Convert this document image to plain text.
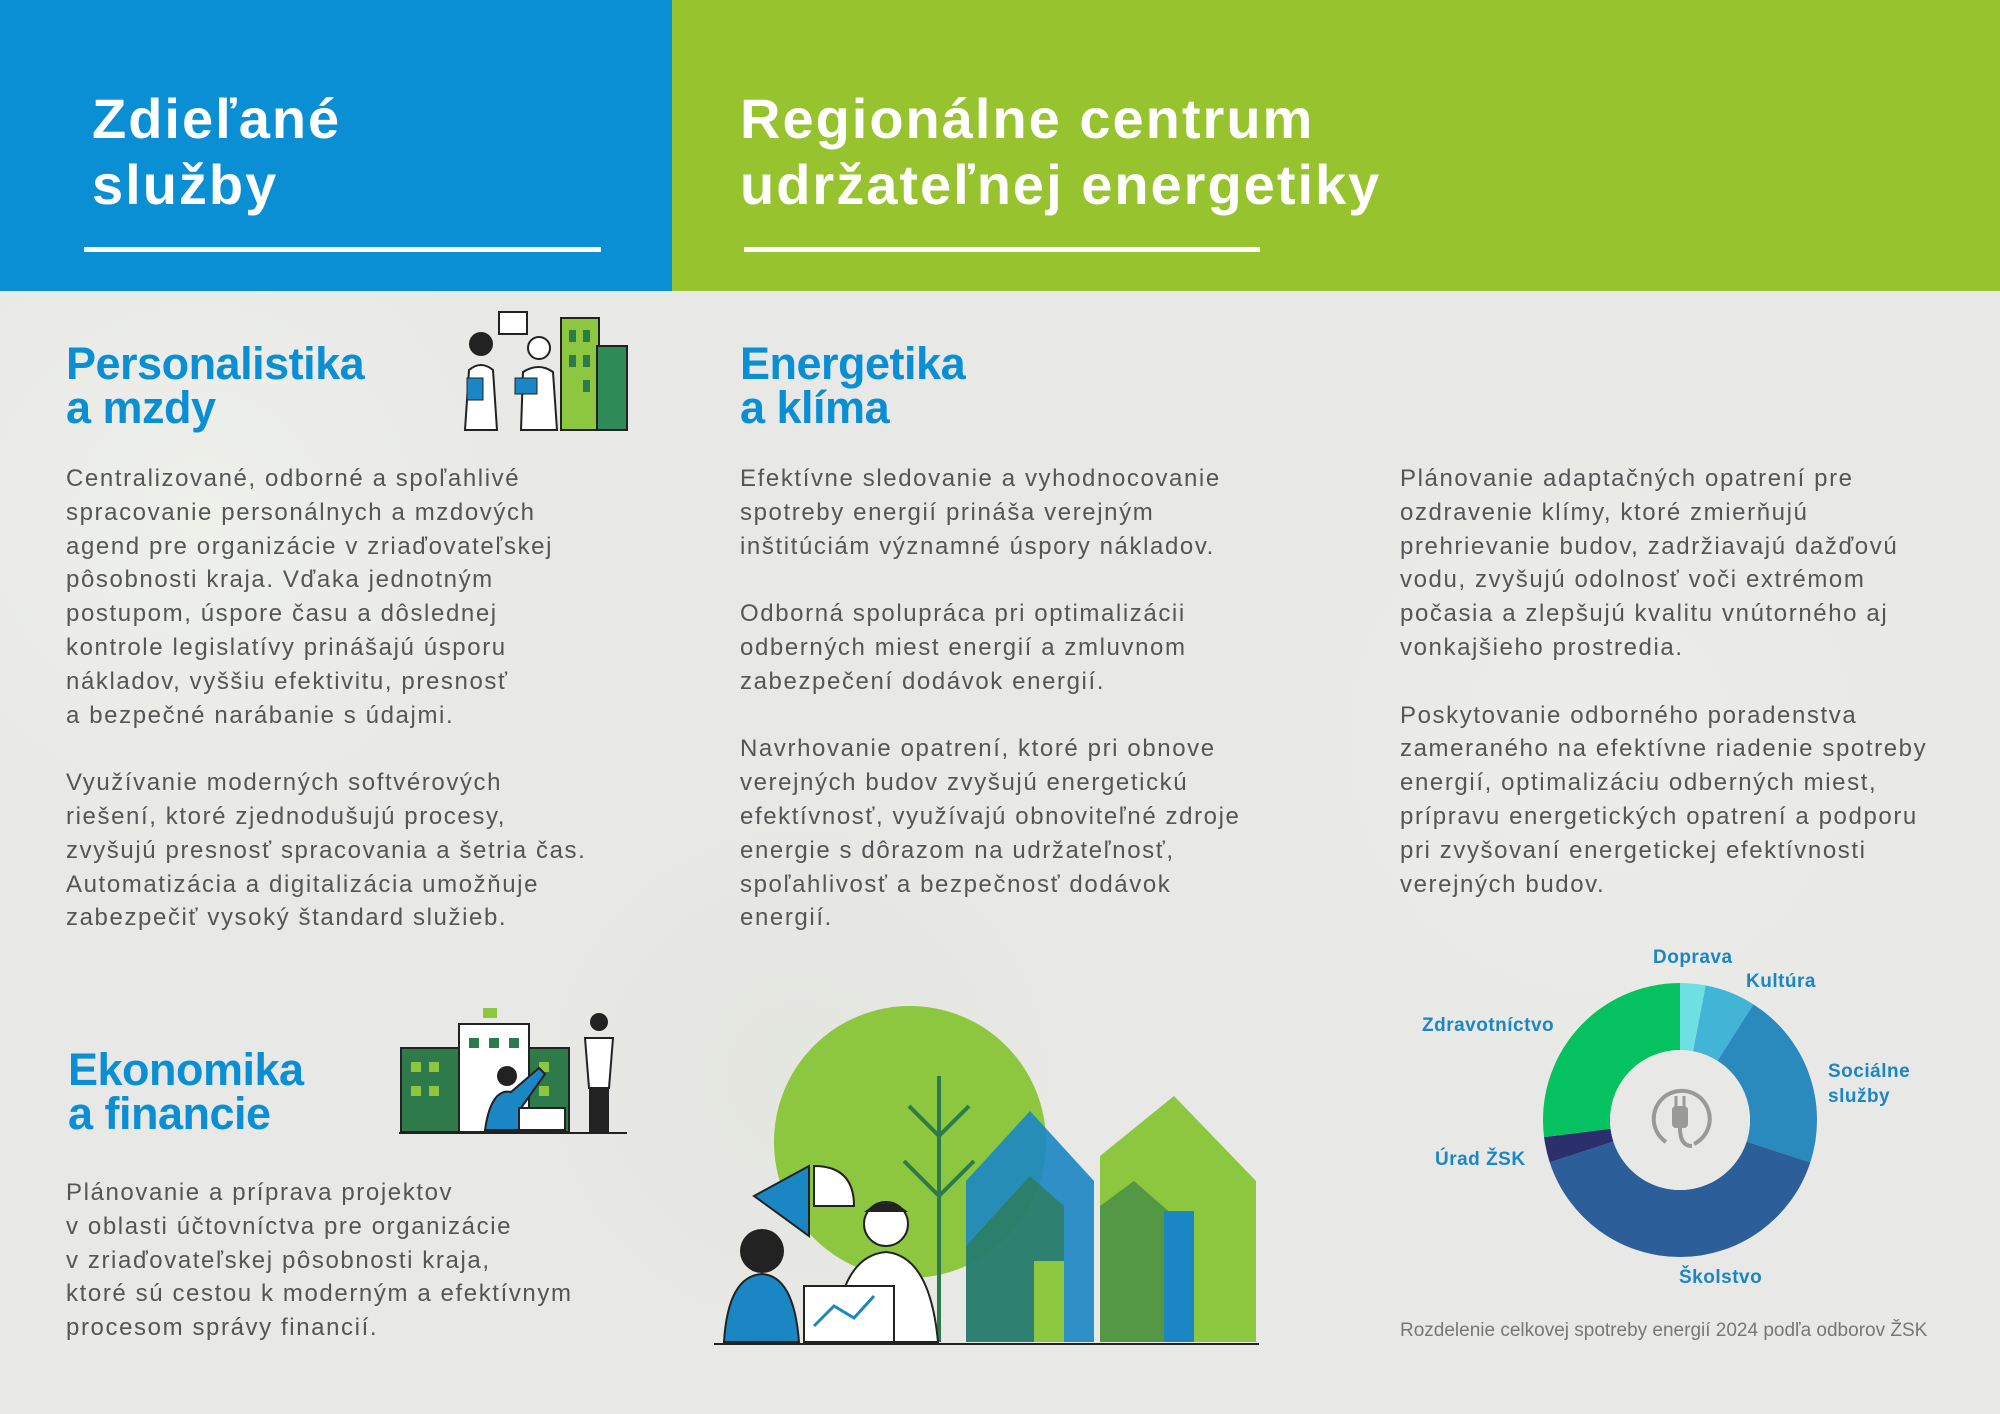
Zdieľané
služby
Regionálne centrum
udržateľnej energetiky
Personalistika
a mzdy
Centralizované, odborné a spoľahlivé
spracovanie personálnych a mzdových
agend pre organizácie v zriaďovateľskej
pôsobnosti kraja. Vďaka jednotným
postupom, úspore času a dôslednej
kontrole legislatívy prinášajú úsporu
nákladov, vyššiu efektivitu, presnosť
a bezpečné narábanie s údajmi.

Využívanie moderných softvérových
riešení, ktoré zjednodušujú procesy,
zvyšujú presnosť spracovania a šetria čas.
Automatizácia a digitalizácia umožňuje
zabezpečiť vysoký štandard služieb.
Ekonomika
a financie
Plánovanie a príprava projektov
v oblasti účtovníctva pre organizácie
v zriaďovateľskej pôsobnosti kraja,
ktoré sú cestou k moderným a efektívnym
procesom správy financií.
Energetika
a klíma
Efektívne sledovanie a vyhodnocovanie
spotreby energií prináša verejným
inštitúciám významné úspory nákladov.

Odborná spolupráca pri optimalizácii
odberných miest energií a zmluvnom
zabezpečení dodávok energií.

Navrhovanie opatrení, ktoré pri obnove
verejných budov zvyšujú energetickú
efektívnosť, využívajú obnoviteľné zdroje
energie s dôrazom na udržateľnosť,
spoľahlivosť a bezpečnosť dodávok
energií.
Plánovanie adaptačných opatrení pre
ozdravenie klímy, ktoré zmierňujú
prehrievanie budov, zadržiavajú dažďovú
vodu, zvyšujú odolnosť voči extrémom
počasia a zlepšujú kvalitu vnútorného aj
vonkajšieho prostredia.

Poskytovanie odborného poradenstva
zameraného na efektívne riadenie spotreby
energií, optimalizáciu odberných miest,
prípravu energetických opatrení a podporu
pri zvyšovaní energetickej efektívnosti
verejných budov.
Doprava
Kultúra
Sociálne služby
Školstvo
Úrad ŽSK
Zdravotníctvo
Rozdelenie celkovej spotreby energií 2024 podľa odborov ŽSK
